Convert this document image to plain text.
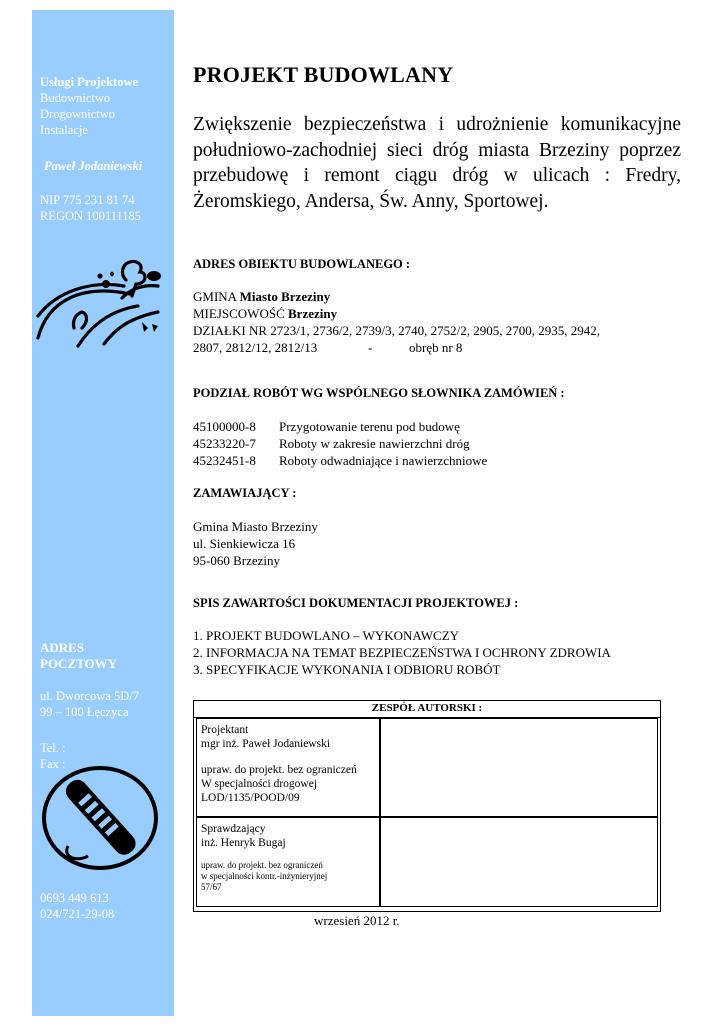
Usługi Projektowe
Budownictwo
Drogownictwo
Instalacje
Paweł Jodaniewski
NIP 775 231 81 74
REGON 100111185
ADRES
POCZTOWY
ul. Dworcowa 5D/7
99 – 100 Łęczyca
Tel. :
Fax :
0693 449 613
024/721-29-08
PROJEKT BUDOWLANY
Zwiększenie bezpieczeństwa i udrożnienie komunikacyjne południowo-zachodniej sieci dróg miasta Brzeziny poprzez przebudowę i remont ciągu dróg w ulicach : Fredry, Żeromskiego, Andersa, Św. Anny, Sportowej.
ADRES OBIEKTU BUDOWLANEGO :
GMINA Miasto Brzeziny
MIEJSCOWOŚĆ Brzeziny
DZIAŁKI NR 2723/1, 2736/2, 2739/3, 2740, 2752/2, 2905, 2700, 2935, 2942,
2807, 2812/12, 2812/13	-	obręb nr 8
PODZIAŁ ROBÓT WG WSPÓLNEGO SŁOWNIKA ZAMÓWIEŃ :
45100000-8	Przygotowanie terenu pod budowę
45233220-7	Roboty w zakresie nawierzchni dróg
45232451-8	Roboty odwadniające i nawierzchniowe
ZAMAWIAJĄCY :
Gmina Miasto Brzeziny
ul. Sienkiewicza 16
95-060 Brzeziny
SPIS ZAWARTOŚCI DOKUMENTACJI PROJEKTOWEJ :
1. PROJEKT BUDOWLANO – WYKONAWCZY
2. INFORMACJA NA TEMAT BEZPIECZEŃSTWA I OCHRONY ZDROWIA
3. SPECYFIKACJE WYKONANIA I ODBIORU ROBÓT
ZESPÓŁ AUTORSKI :
Projektant
mgr inż. Paweł Jodaniewski
upraw. do projekt. bez ograniczeń
W specjalności drogowej
LOD/1135/POOD/09
Sprawdzający
inż. Henryk Bugaj
upraw. do projekt. bez ograniczeń
w specjalności kontr.-inżynieryjnej
57/67
wrzesień 2012 r.
